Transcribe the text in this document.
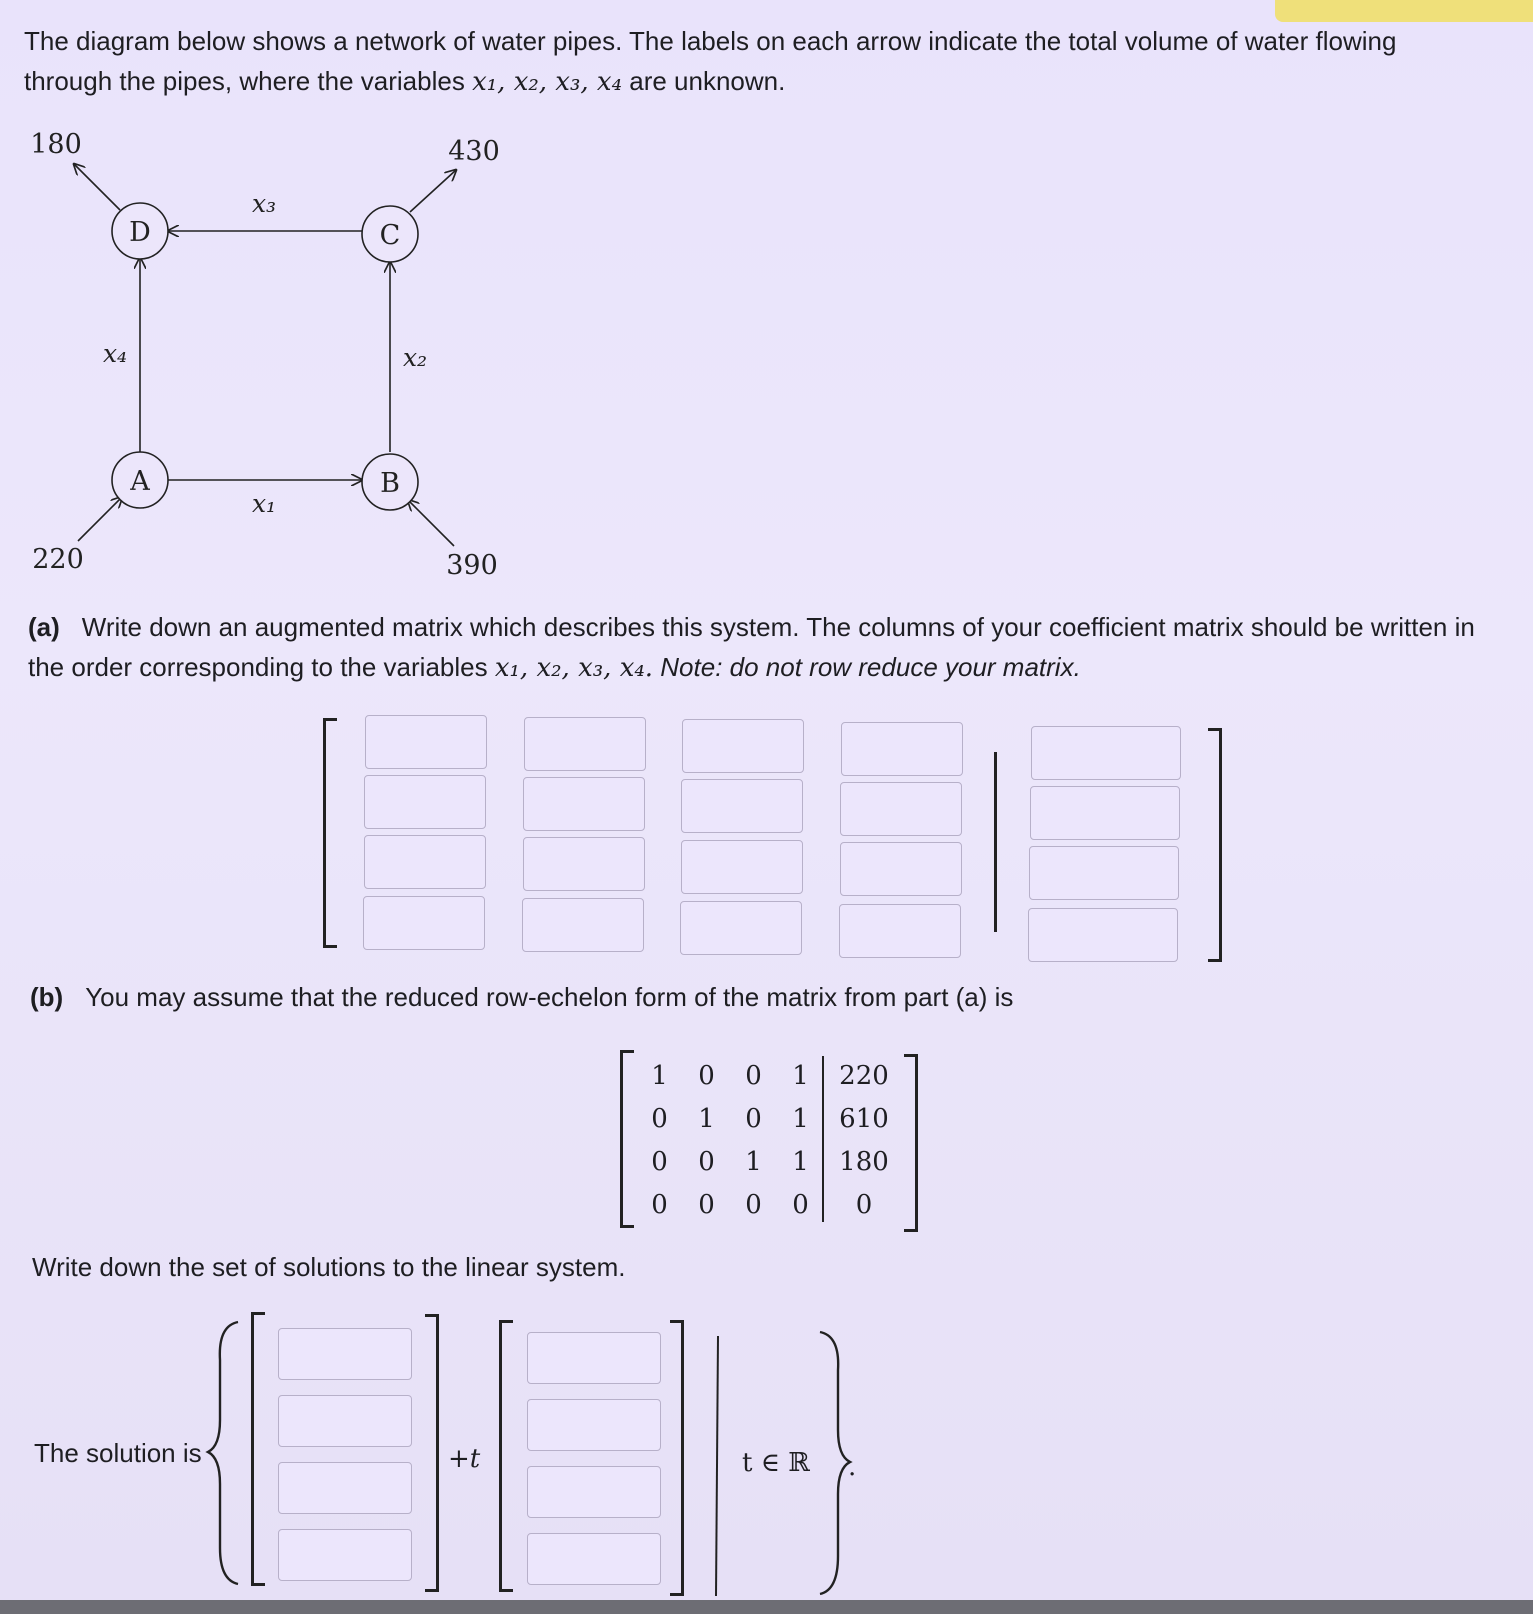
The diagram below shows a network of water pipes. The labels on each arrow indicate the total volume of water flowing
through the pipes, where the variables x₁, x₂, x₃, x₄ are unknown.
D	C
A	B
180	430
220	390
x₃
x₄	x₂
x₁
(a) Write down an augmented matrix which describes this system. The columns of your coefficient matrix should be written in
the order corresponding to the variables x₁, x₂, x₃, x₄. Note: do not row reduce your matrix.
(b) You may assume that the reduced row-echelon form of the matrix from part (a) is
1	0	0	1	220
0	1	0	1	610
0	0	1	1	180
0	0	0	0	0
Write down the set of solutions to the linear system.
The solution is	+t	t ∈ ℝ .
